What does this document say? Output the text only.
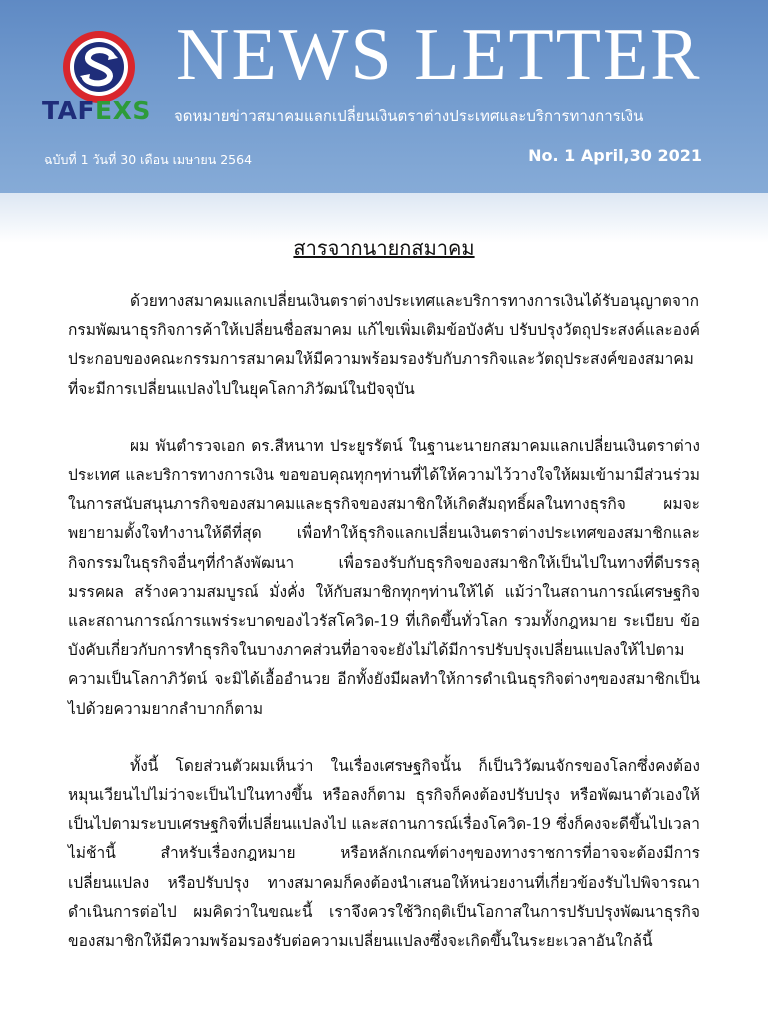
TAFEXS
NEWS LETTER
จดหมายข่าวสมาคมแลกเปลี่ยนเงินตราต่างประเทศและบริการทางการเงิน
ฉบับที่ 1 วันที่ 30 เดือน เมษายน 2564	No. 1 April,30 2021
สารจากนายกสมาคม

ด้วยทางสมาคมแลกเปลี่ยนเงินตราต่างประเทศและบริการทางการเงินได้รับอนุญาตจากกรมพัฒนาธุรกิจการค้าให้เปลี่ยนชื่อสมาคม แก้ไขเพิ่มเติมข้อบังคับ ปรับปรุงวัตถุประสงค์และองค์ประกอบของคณะกรรมการสมาคมให้มีความพร้อมรองรับกับภารกิจและวัตถุประสงค์ของสมาคมที่จะมีการเปลี่ยนแปลงไปในยุคโลกาภิวัฒน์ในปัจจุบัน

ผม พันตำรวจเอก ดร.สีหนาท ประยูรรัตน์ ในฐานะนายกสมาคมแลกเปลี่ยนเงินตราต่างประเทศ และบริการทางการเงิน ขอขอบคุณทุกๆท่านที่ได้ให้ความไว้วางใจให้ผมเข้ามามีส่วนร่วมในการสนับสนุนภารกิจของสมาคมและธุรกิจของสมาชิกให้เกิดสัมฤทธิ์ผลในทางธุรกิจ ผมจะพยายามตั้งใจทำงานให้ดีที่สุด เพื่อทำให้ธุรกิจแลกเปลี่ยนเงินตราต่างประเทศของสมาชิกและกิจกรรมในธุรกิจอื่นๆที่กำลังพัฒนา เพื่อรองรับกับธุรกิจของสมาชิกให้เป็นไปในทางที่ดีบรรลุมรรคผล สร้างความสมบูรณ์ มั่งคั่ง ให้กับสมาชิกทุกๆท่านให้ได้ แม้ว่าในสถานการณ์เศรษฐกิจและสถานการณ์การแพร่ระบาดของไวรัสโควิด-19 ที่เกิดขึ้นทั่วโลก รวมทั้งกฎหมาย ระเบียบ ข้อบังคับเกี่ยวกับการทำธุรกิจในบางภาคส่วนที่อาจจะยังไม่ได้มีการปรับปรุงเปลี่ยนแปลงให้ไปตามความเป็นโลกาภิวัตน์ จะมิได้เอื้ออำนวย อีกทั้งยังมีผลทำให้การดำเนินธุรกิจต่างๆของสมาชิกเป็นไปด้วยความยากลำบากก็ตาม

ทั้งนี้ โดยส่วนตัวผมเห็นว่า ในเรื่องเศรษฐกิจนั้น ก็เป็นวิวัฒนจักรของโลกซึ่งคงต้องหมุนเวียนไปไม่ว่าจะเป็นไปในทางขึ้น หรือลงก็ตาม ธุรกิจก็คงต้องปรับปรุง หรือพัฒนาตัวเองให้เป็นไปตามระบบเศรษฐกิจที่เปลี่ยนแปลงไป และสถานการณ์เรื่องโควิด-19 ซึ่งก็คงจะดีขึ้นไปเวลาไม่ช้านี้ สำหรับเรื่องกฎหมาย หรือหลักเกณฑ์ต่างๆของทางราชการที่อาจจะต้องมีการเปลี่ยนแปลง หรือปรับปรุง ทางสมาคมก็คงต้องนำเสนอให้หน่วยงานที่เกี่ยวข้องรับไปพิจารณาดำเนินการต่อไป ผมคิดว่าในขณะนี้ เราจึงควรใช้วิกฤติเป็นโอกาสในการปรับปรุงพัฒนาธุรกิจของสมาชิกให้มีความพร้อมรองรับต่อความเปลี่ยนแปลงซึ่งจะเกิดขึ้นในระยะเวลาอันใกล้นี้
